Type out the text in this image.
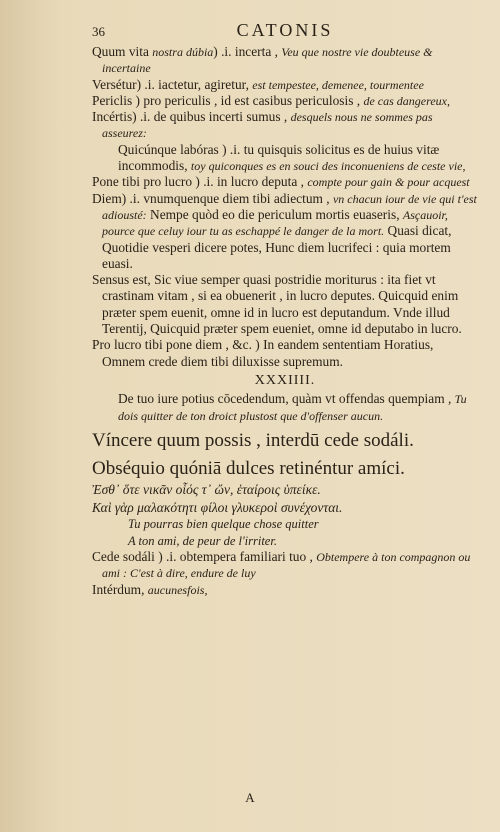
36	CATONIS

Quum vita nostra dúbia) .i. incerta , Veu que nostre vie doubteuse & incertaine

Versétur) .i. iactetur, agiretur, est tempestee, demenee, tourmentee

Periclis ) pro periculis , id est casibus periculosis , de cas dangereux,

Incértis) .i. de quibus incerti sumus , desquels nous ne sommes pas asseurez:

Quicúnque labóras ) .i. tu quisquis solicitus es de huius vitæ incommodis, toy quiconques es en souci des inconueniens de ceste vie,

Pone tibi pro lucro ) .i. in lucro deputa , compte pour gain & pour acquest

Diem) .i. vnumquenque diem tibi adiectum , vn chacun iour de vie qui t'est adiousté: Nempe quòd eo die periculum mortis euaseris, Asçauoir, pource que celuy iour tu as eschappé le danger de la mort. Quasi dicat, Quotidie vesperi dicere potes, Hunc diem lucrifeci : quia mortem euasi.

Sensus est, Sic viue semper quasi postridie moriturus : ita fiet vt crastinam vitam , si ea obuenerit , in lucro deputes. Quicquid enim præter spem euenit, omne id in lucro est deputandum. Vnde illud Terentij, Quicquid præter spem eueniet, omne id deputabo in lucro.

Pro lucro tibi pone diem , &c. ) In eandem sententiam Horatius, Omnem crede diem tibi diluxisse supremum.

XXXIIII.

De tuo iure potius cōcedendum, quàm vt offendas quempiam , Tu dois quitter de ton droict plustost que d'offenser aucun.

Víncere quum possis , interdū cede sodáli.
Obséquio quóniā dulces retinéntur amíci.
Ἐσθ᾽ ὅτε νικᾶν οἷός τ᾽ ὤν, ἑταίροις ὑπείκε.
Καὶ γὰρ μαλακότητι φίλοι γλυκεροὶ συνέχονται.

Tu pourras bien quelque chose quitter

A ton ami, de peur de l'irriter.

Cede sodáli ) .i. obtempera familiari tuo , Obtempere à ton compagnon ou ami : C'est à dire, endure de luy

Intérdum, aucunesfois,

A
